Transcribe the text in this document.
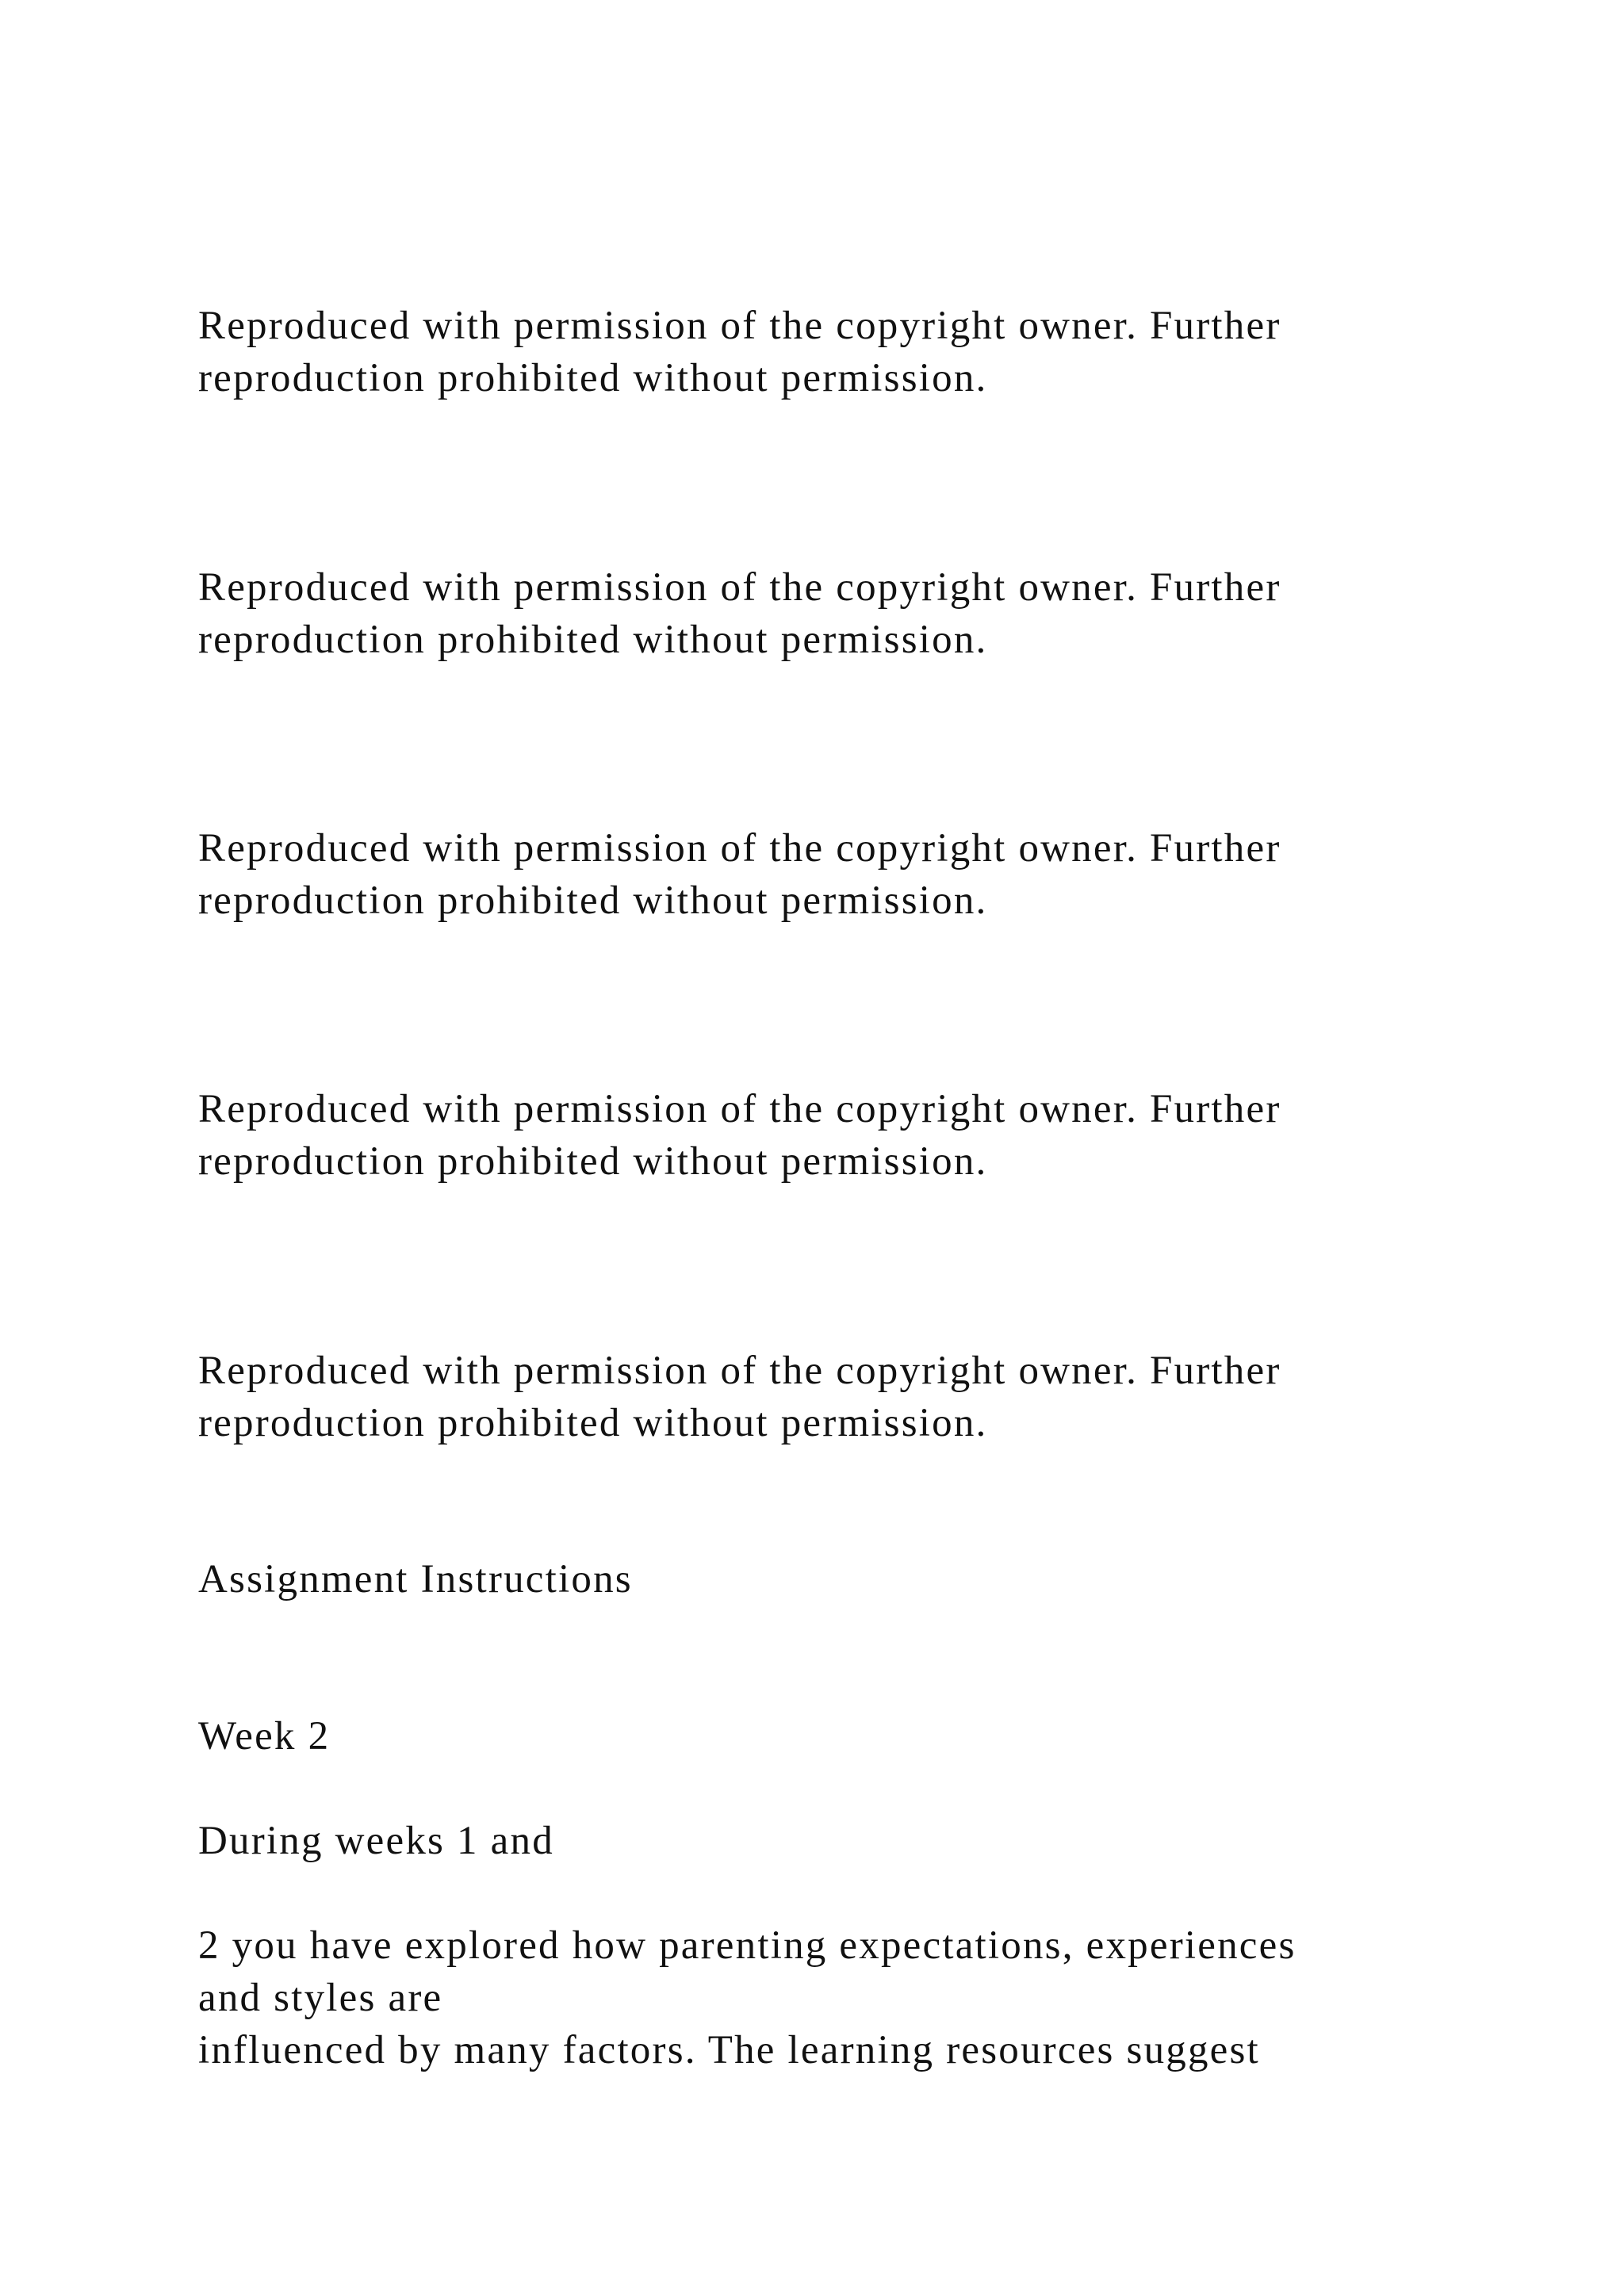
Reproduced with permission of the copyright owner. Further
reproduction prohibited without permission.

Reproduced with permission of the copyright owner. Further
reproduction prohibited without permission.

Reproduced with permission of the copyright owner. Further
reproduction prohibited without permission.

Reproduced with permission of the copyright owner. Further
reproduction prohibited without permission.

Reproduced with permission of the copyright owner. Further
reproduction prohibited without permission.

Assignment Instructions

Week 2

During weeks 1 and

2 you have explored how parenting expectations, experiences
and styles are
influenced by many factors. The learning resources suggest
